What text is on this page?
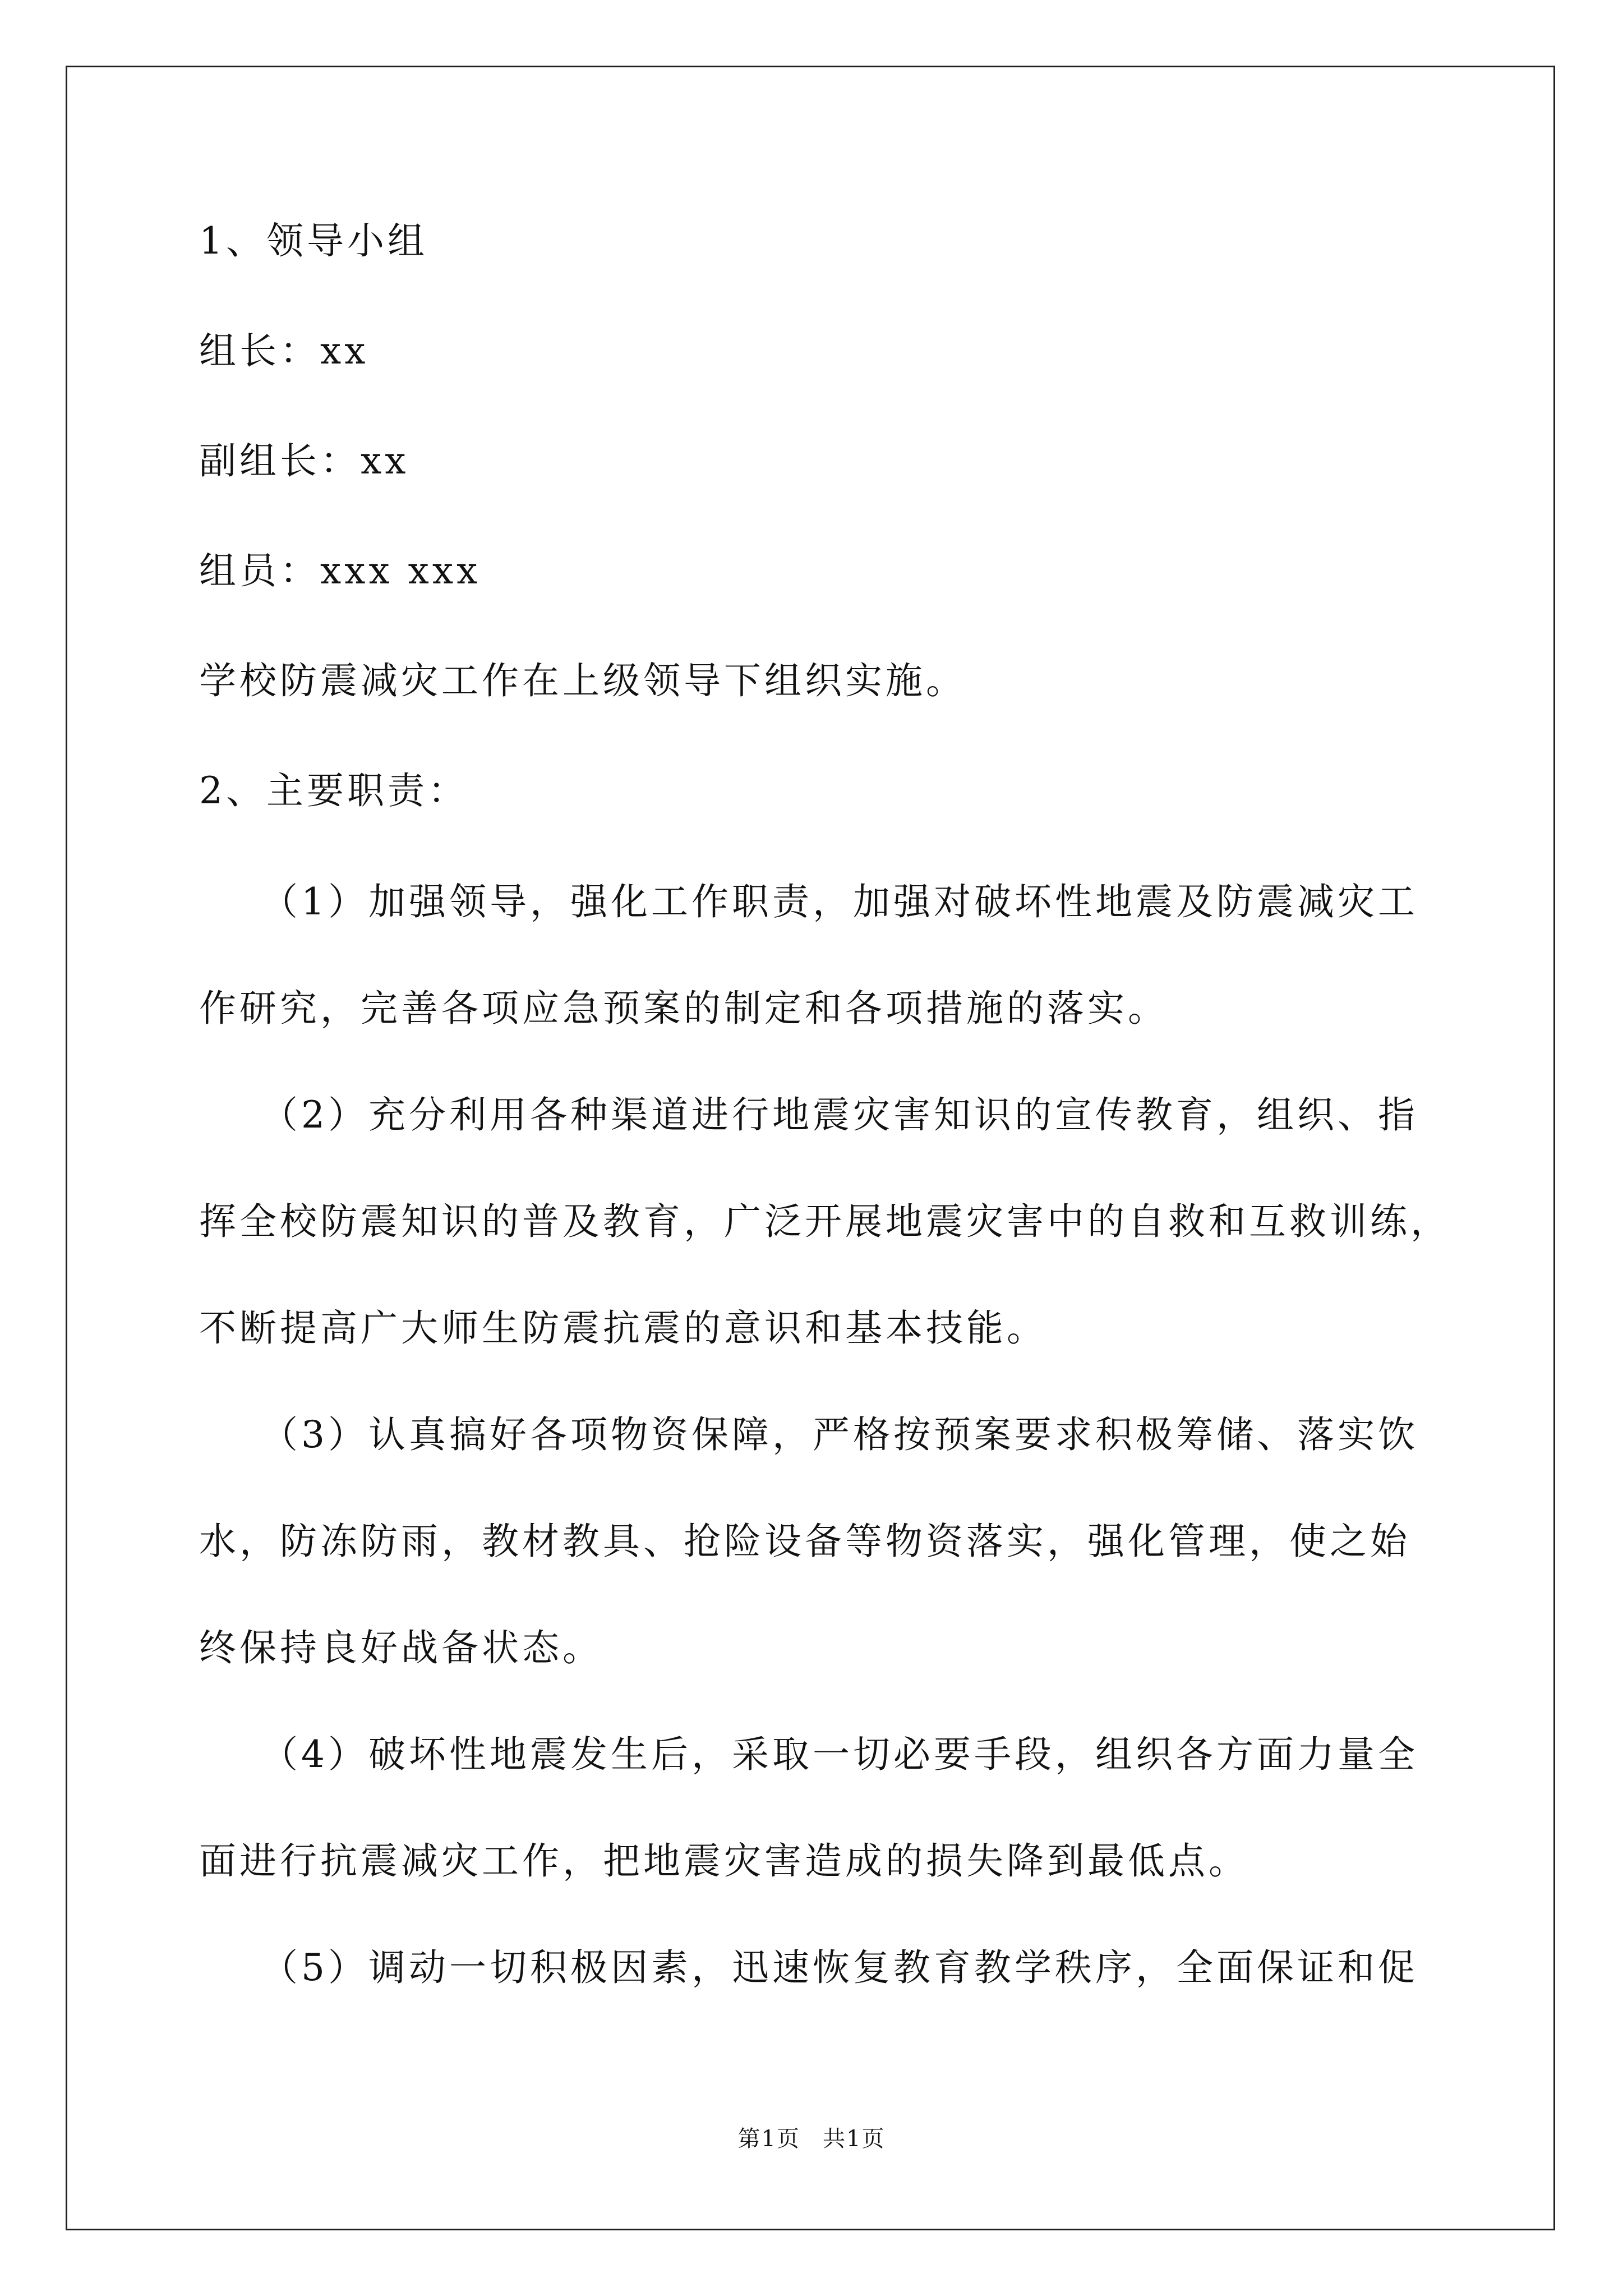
1、领导小组
组长：xx
副组长：xx
组员：xxx xxx
学校防震减灾工作在上级领导下组织实施。
2、主要职责：
（1）加强领导，强化工作职责，加强对破坏性地震及防震减灾工
作研究，完善各项应急预案的制定和各项措施的落实。
（2）充分利用各种渠道进行地震灾害知识的宣传教育，组织、指
挥全校防震知识的普及教育，广泛开展地震灾害中的自救和互救训练，
不断提高广大师生防震抗震的意识和基本技能。
（3）认真搞好各项物资保障，严格按预案要求积极筹储、落实饮
水，防冻防雨，教材教具、抢险设备等物资落实，强化管理，使之始
终保持良好战备状态。
（4）破坏性地震发生后，采取一切必要手段，组织各方面力量全
面进行抗震减灾工作，把地震灾害造成的损失降到最低点。
（5）调动一切积极因素，迅速恢复教育教学秩序，全面保证和促
第1页 共1页
